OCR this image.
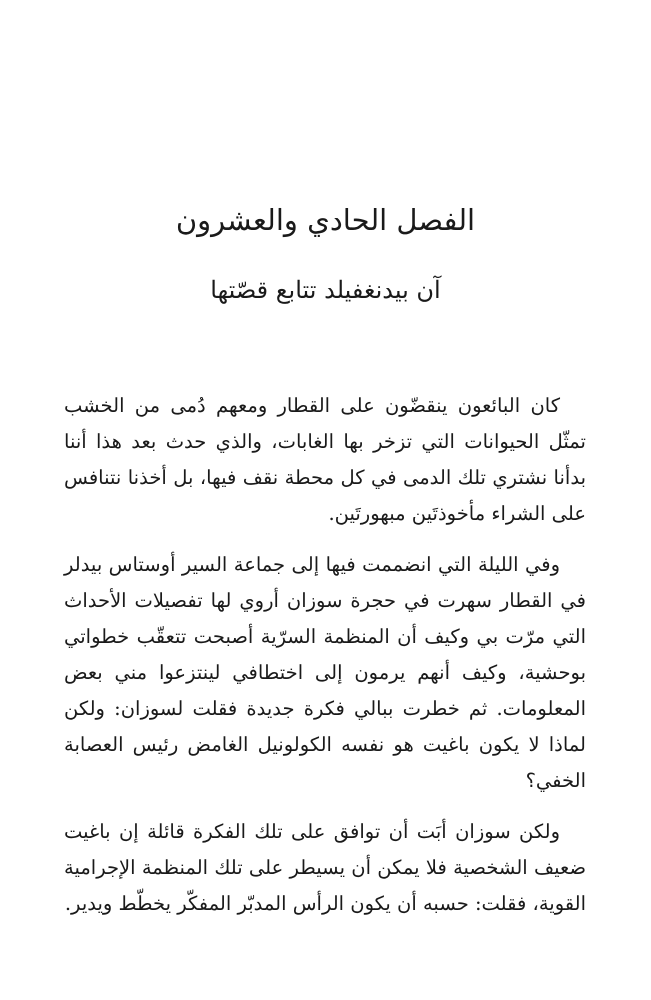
الفصل الحادي والعشرون
آن بيدنغفيلد تتابع قصّتها

كان البائعون ينقضّون على القطار ومعهم دُمى من الخشب تمثّل الحيوانات التي تزخر بها الغابات، والذي حدث بعد هذا أننا بدأنا نشتري تلك الدمى في كل محطة نقف فيها، بل أخذنا نتنافس على الشراء مأخوذتَين مبهورتَين.

وفي الليلة التي انضممت فيها إلى جماعة السير أوستاس بيدلر في القطار سهرت في حجرة سوزان أروي لها تفصيلات الأحداث التي مرّت بي وكيف أن المنظمة السرّية أصبحت تتعقّب خطواتي بوحشية، وكيف أنهم يرمون إلى اختطافي لينتزعوا مني بعض المعلومات. ثم خطرت ببالي فكرة جديدة فقلت لسوزان: ولكن لماذا لا يكون باغيت هو نفسه الكولونيل الغامض رئيس العصابة الخفي؟

ولكن سوزان أبَت أن توافق على تلك الفكرة قائلة إن باغيت ضعيف الشخصية فلا يمكن أن يسيطر على تلك المنظمة الإجرامية القوية، فقلت: حسبه أن يكون الرأس المدبّر المفكّر يخطّط ويدير.
